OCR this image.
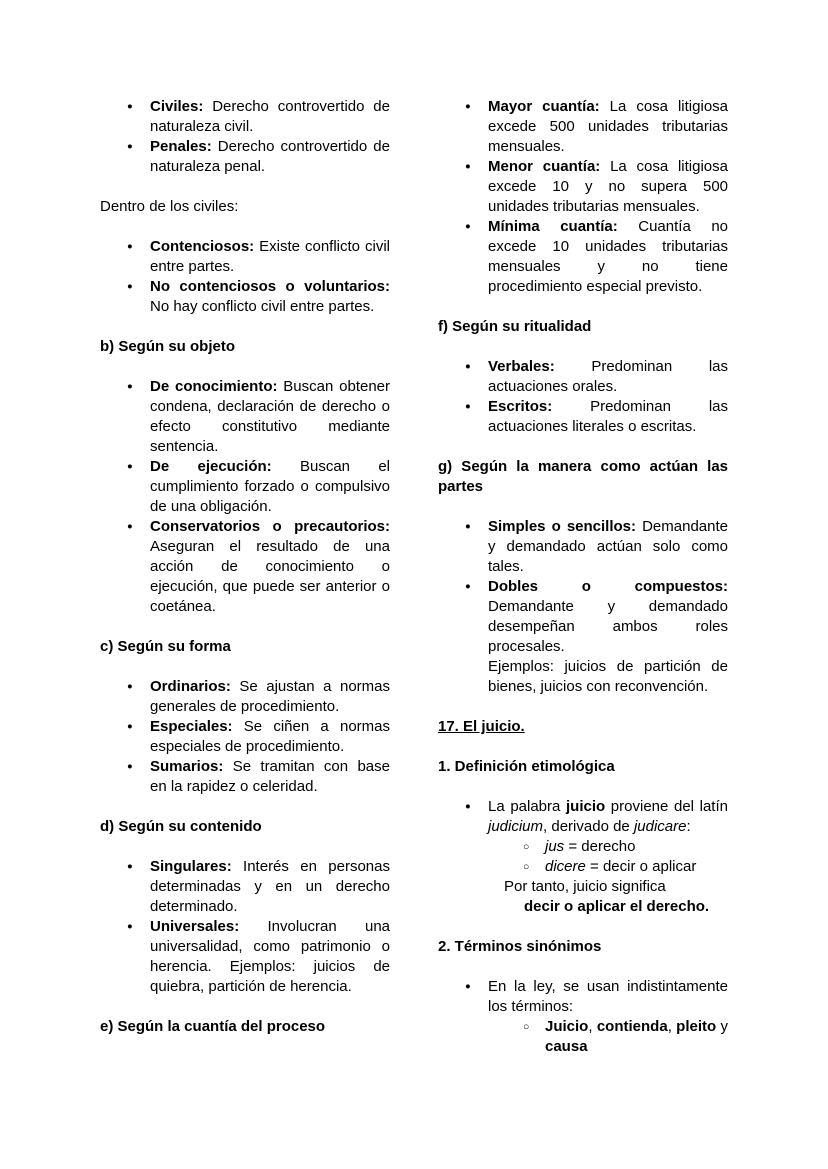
●	Civiles: Derecho controvertido de naturaleza civil.
●	Penales: Derecho controvertido de naturaleza penal.
Dentro de los civiles:
●	Contenciosos: Existe conflicto civil entre partes.
●	No contenciosos o voluntarios: No hay conflicto civil entre partes.
b) Según su objeto
●	De conocimiento: Buscan obtener condena, declaración de derecho o efecto constitutivo mediante sentencia.
●	De ejecución: Buscan el cumplimiento forzado o compulsivo de una obligación.
●	Conservatorios o precautorios: Aseguran el resultado de una acción de conocimiento o ejecución, que puede ser anterior o coetánea.
c) Según su forma
●	Ordinarios: Se ajustan a normas generales de procedimiento.
●	Especiales: Se ciñen a normas especiales de procedimiento.
●	Sumarios: Se tramitan con base en la rapidez o celeridad.
d) Según su contenido
●	Singulares: Interés en personas determinadas y en un derecho determinado.
●	Universales: Involucran una universalidad, como patrimonio o herencia. Ejemplos: juicios de quiebra, partición de herencia.
e) Según la cuantía del proceso
●	Mayor cuantía: La cosa litigiosa excede 500 unidades tributarias mensuales.
●	Menor cuantía: La cosa litigiosa excede 10 y no supera 500 unidades tributarias mensuales.
●	Mínima cuantía: Cuantía no excede 10 unidades tributarias mensuales y no tiene procedimiento especial previsto.
f) Según su ritualidad
●	Verbales: Predominan las actuaciones orales.
●	Escritos: Predominan las actuaciones literales o escritas.
g) Según la manera como actúan las partes
●	Simples o sencillos: Demandante y demandado actúan solo como tales.
●	Dobles o compuestos: Demandante y demandado desempeñan ambos roles procesales.
Ejemplos: juicios de partición de bienes, juicios con reconvención.
17. El juicio.
1. Definición etimológica
●	La palabra juicio proviene del latín judicium, derivado de judicare:
○	jus = derecho
○	dicere = decir o aplicar
Por tanto, juicio significa
decir o aplicar el derecho.
2. Términos sinónimos
●	En la ley, se usan indistintamente los términos:
○	Juicio, contienda, pleito y causa
